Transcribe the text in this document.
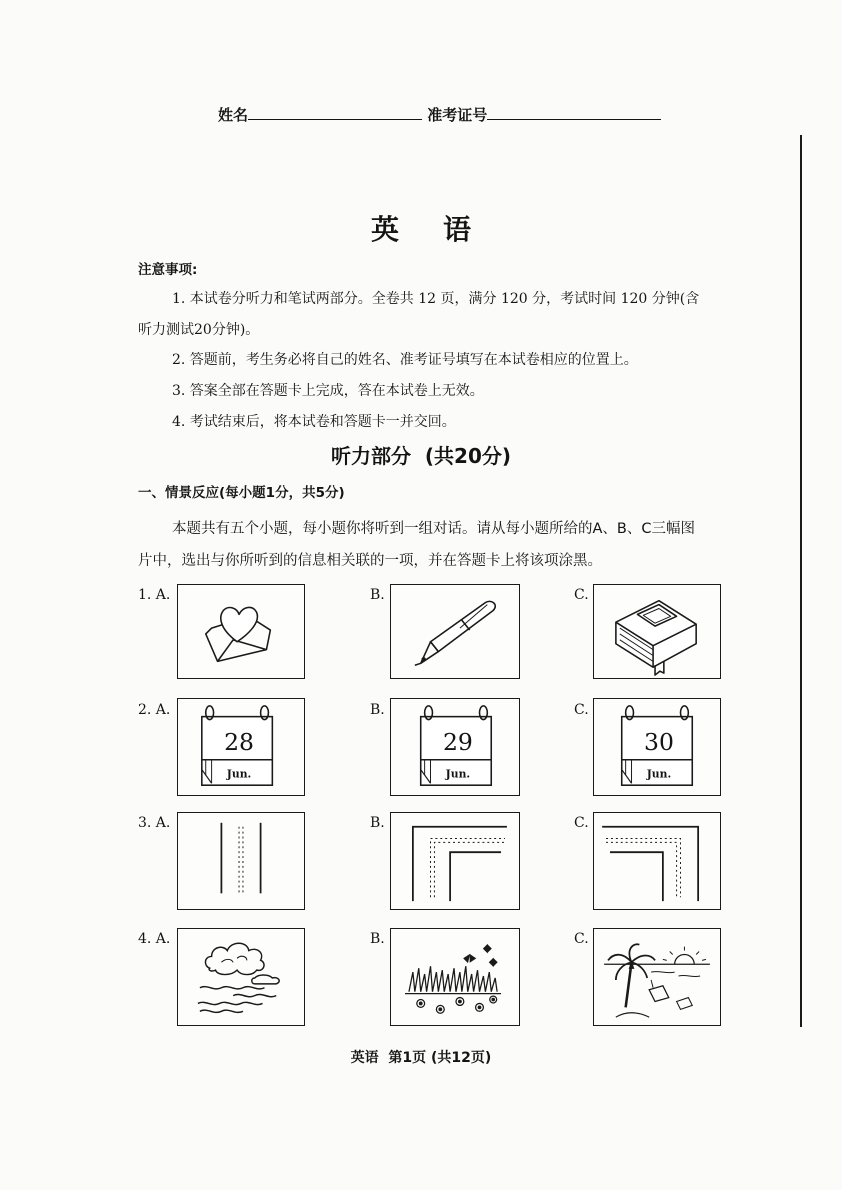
姓名	准考证号
英语
注意事项:
1. 本试卷分听力和笔试两部分。全卷共 12 页，满分 120 分，考试时间 120 分钟(含
听力测试20分钟)。
2. 答题前，考生务必将自己的姓名、准考证号填写在本试卷相应的位置上。
3. 答案全部在答题卡上完成，答在本试卷上无效。
4. 考试结束后，将本试卷和答题卡一并交回。
听力部分  (共20分)
一、情景反应(每小题1分，共5分)
本题共有五个小题，每小题你将听到一组对话。请从每小题所给的A、B、C三幅图
片中，选出与你所听到的信息相关联的一项，并在答题卡上将该项涂黑。
1. A.	B.	C.
2. A.
28
Jun.
B.
29
Jun.
C.
30
Jun.
3. A.	B.	C.
4. A.	B.	C.
英语  第1页 (共12页)
